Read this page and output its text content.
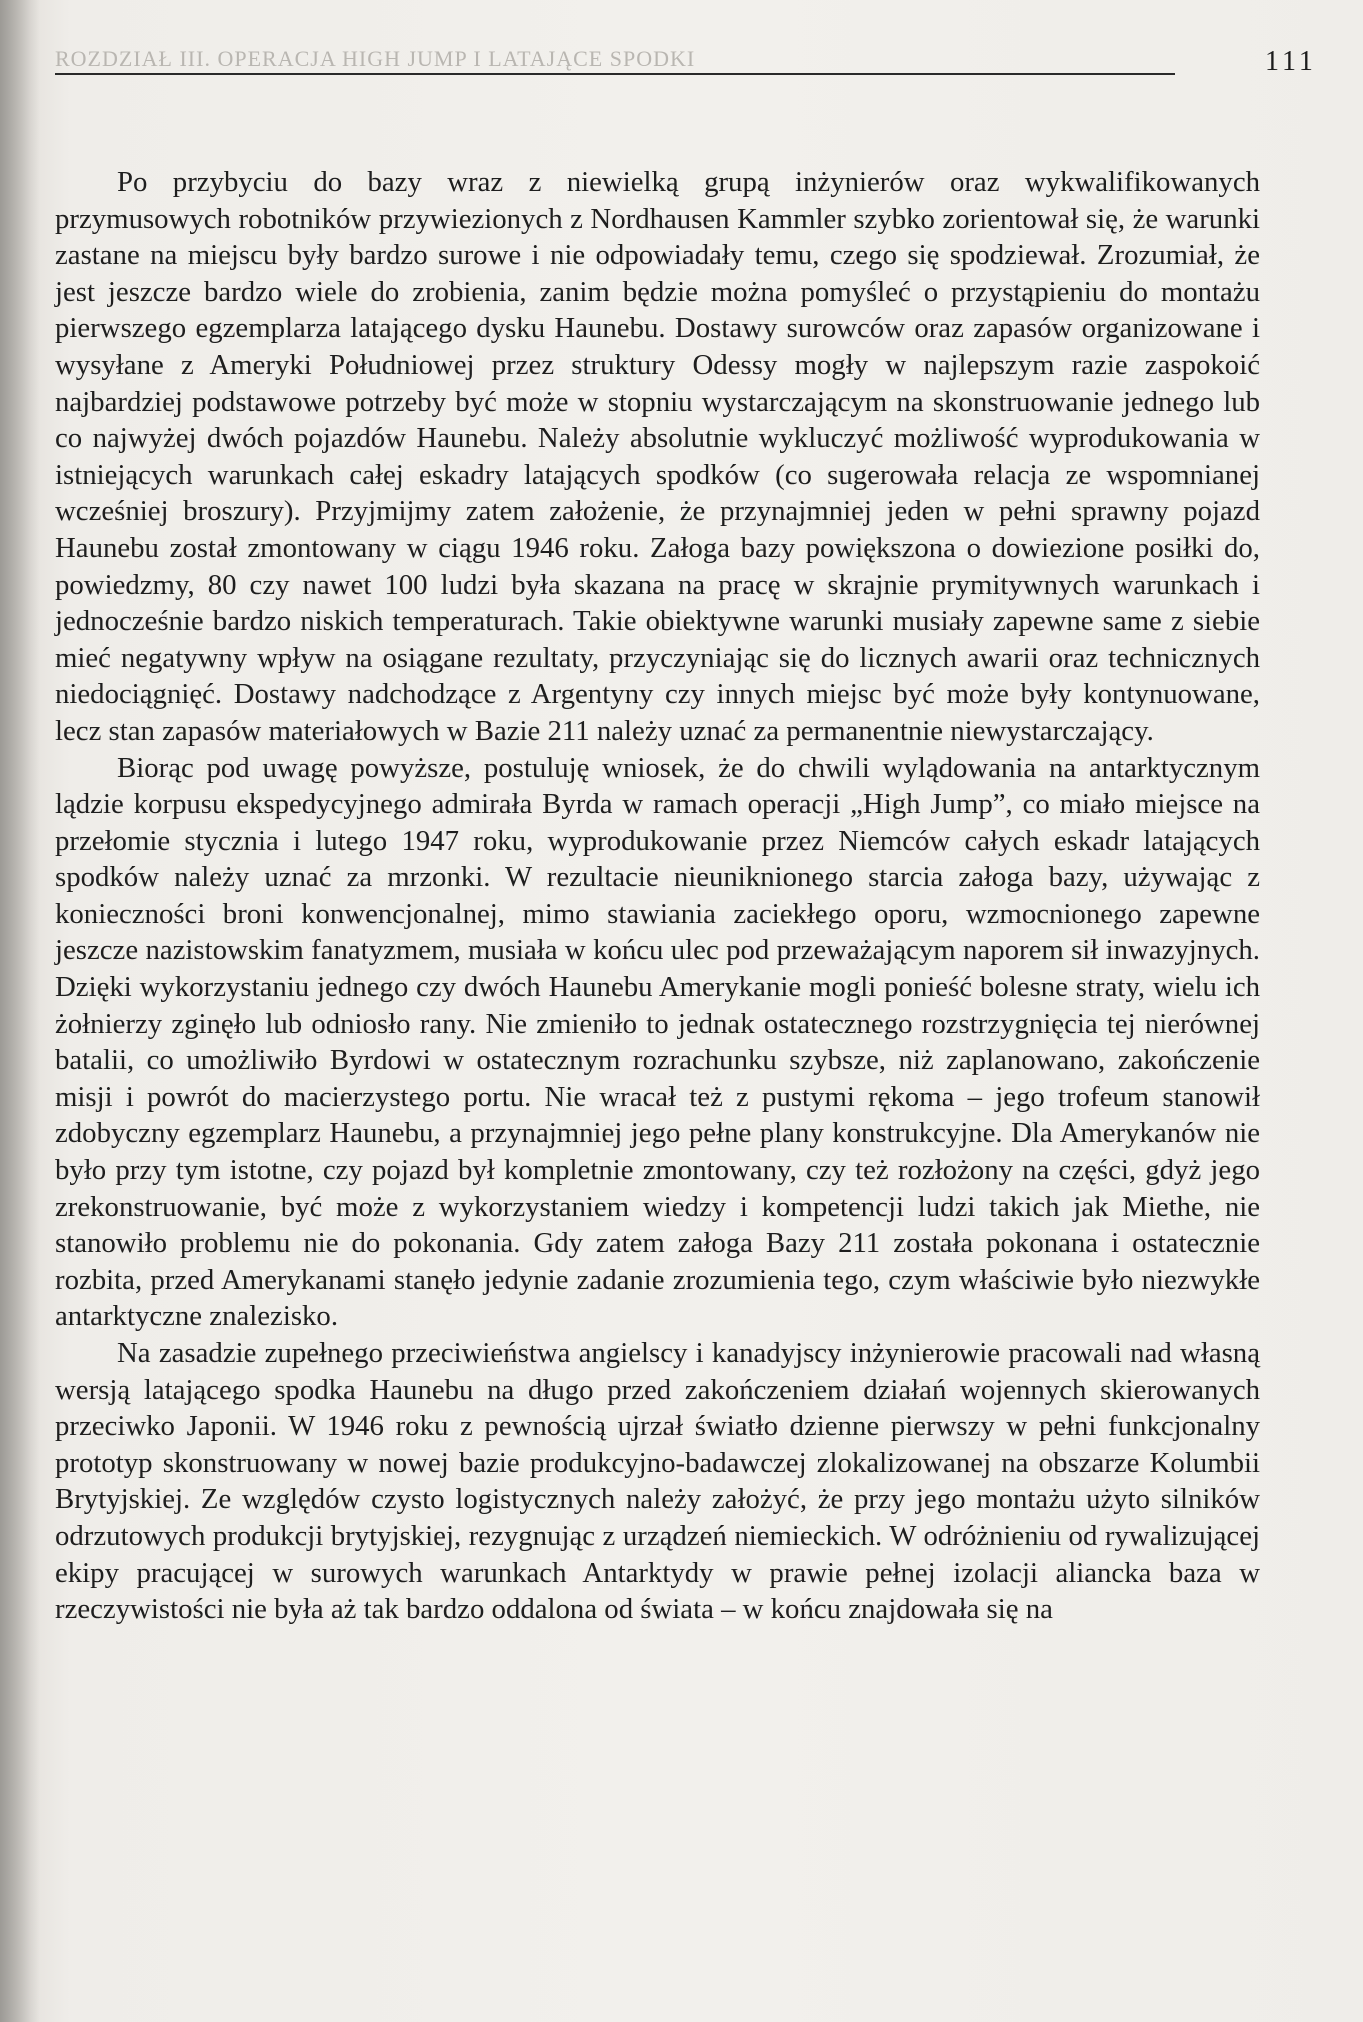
ROZDZIAŁ III. OPERACJA HIGH JUMP I LATAJĄCE SPODKI	111

Po przybyciu do bazy wraz z niewielką grupą inżynierów oraz wykwalifikowanych przymusowych robotników przywiezionych z Nordhausen Kammler szybko zorientował się, że warunki zastane na miejscu były bardzo surowe i nie odpowiadały temu, czego się spodziewał. Zrozumiał, że jest jeszcze bardzo wiele do zrobienia, zanim będzie można pomyśleć o przystąpieniu do montażu pierwszego egzemplarza latającego dysku Haunebu. Dostawy surowców oraz zapasów organizowane i wysyłane z Ameryki Południowej przez struktury Odessy mogły w najlepszym razie zaspokoić najbardziej podstawowe potrzeby być może w stopniu wystarczającym na skonstruowanie jednego lub co najwyżej dwóch pojazdów Haunebu. Należy absolutnie wykluczyć możliwość wyprodukowania w istniejących warunkach całej eskadry latających spodków (co sugerowała relacja ze wspomnianej wcześniej broszury). Przyjmijmy zatem założenie, że przynajmniej jeden w pełni sprawny pojazd Haunebu został zmontowany w ciągu 1946 roku. Załoga bazy powiększona o dowiezione posiłki do, powiedzmy, 80 czy nawet 100 ludzi była skazana na pracę w skrajnie prymitywnych warunkach i jednocześnie bardzo niskich temperaturach. Takie obiektywne warunki musiały zapewne same z siebie mieć negatywny wpływ na osiągane rezultaty, przyczyniając się do licznych awarii oraz technicznych niedociągnięć. Dostawy nadchodzące z Argentyny czy innych miejsc być może były kontynuowane, lecz stan zapasów materiałowych w Bazie 211 należy uznać za permanentnie niewystarczający.

Biorąc pod uwagę powyższe, postuluję wniosek, że do chwili wylądowania na antarktycznym lądzie korpusu ekspedycyjnego admirała Byrda w ramach operacji „High Jump”, co miało miejsce na przełomie stycznia i lutego 1947 roku, wyprodukowanie przez Niemców całych eskadr latających spodków należy uznać za mrzonki. W rezultacie nieuniknionego starcia załoga bazy, używając z konieczności broni konwencjonalnej, mimo stawiania zaciekłego oporu, wzmocnionego zapewne jeszcze nazistowskim fanatyzmem, musiała w końcu ulec pod przeważającym naporem sił inwazyjnych. Dzięki wykorzystaniu jednego czy dwóch Haunebu Amerykanie mogli ponieść bolesne straty, wielu ich żołnierzy zginęło lub odniosło rany. Nie zmieniło to jednak ostatecznego rozstrzygnięcia tej nierównej batalii, co umożliwiło Byrdowi w ostatecznym rozrachunku szybsze, niż zaplanowano, zakończenie misji i powrót do macierzystego portu. Nie wracał też z pustymi rękoma – jego trofeum stanowił zdobyczny egzemplarz Haunebu, a przynajmniej jego pełne plany konstrukcyjne. Dla Amerykanów nie było przy tym istotne, czy pojazd był kompletnie zmontowany, czy też rozłożony na części, gdyż jego zrekonstruowanie, być może z wykorzystaniem wiedzy i kompetencji ludzi takich jak Miethe, nie stanowiło problemu nie do pokonania. Gdy zatem załoga Bazy 211 została pokonana i ostatecznie rozbita, przed Amerykanami stanęło jedynie zadanie zrozumienia tego, czym właściwie było niezwykłe antarktyczne znalezisko.

Na zasadzie zupełnego przeciwieństwa angielscy i kanadyjscy inżynierowie pracowali nad własną wersją latającego spodka Haunebu na długo przed zakończeniem działań wojennych skierowanych przeciwko Japonii. W 1946 roku z pewnością ujrzał światło dzienne pierwszy w pełni funkcjonalny prototyp skonstruowany w nowej bazie produkcyjno-badawczej zlokalizowanej na obszarze Kolumbii Brytyjskiej. Ze względów czysto logistycznych należy założyć, że przy jego montażu użyto silników odrzutowych produkcji brytyjskiej, rezygnując z urządzeń niemieckich. W odróżnieniu od rywalizującej ekipy pracującej w surowych warunkach Antarktydy w prawie pełnej izolacji aliancka baza w rzeczywistości nie była aż tak bardzo oddalona od świata – w końcu znajdowała się na
